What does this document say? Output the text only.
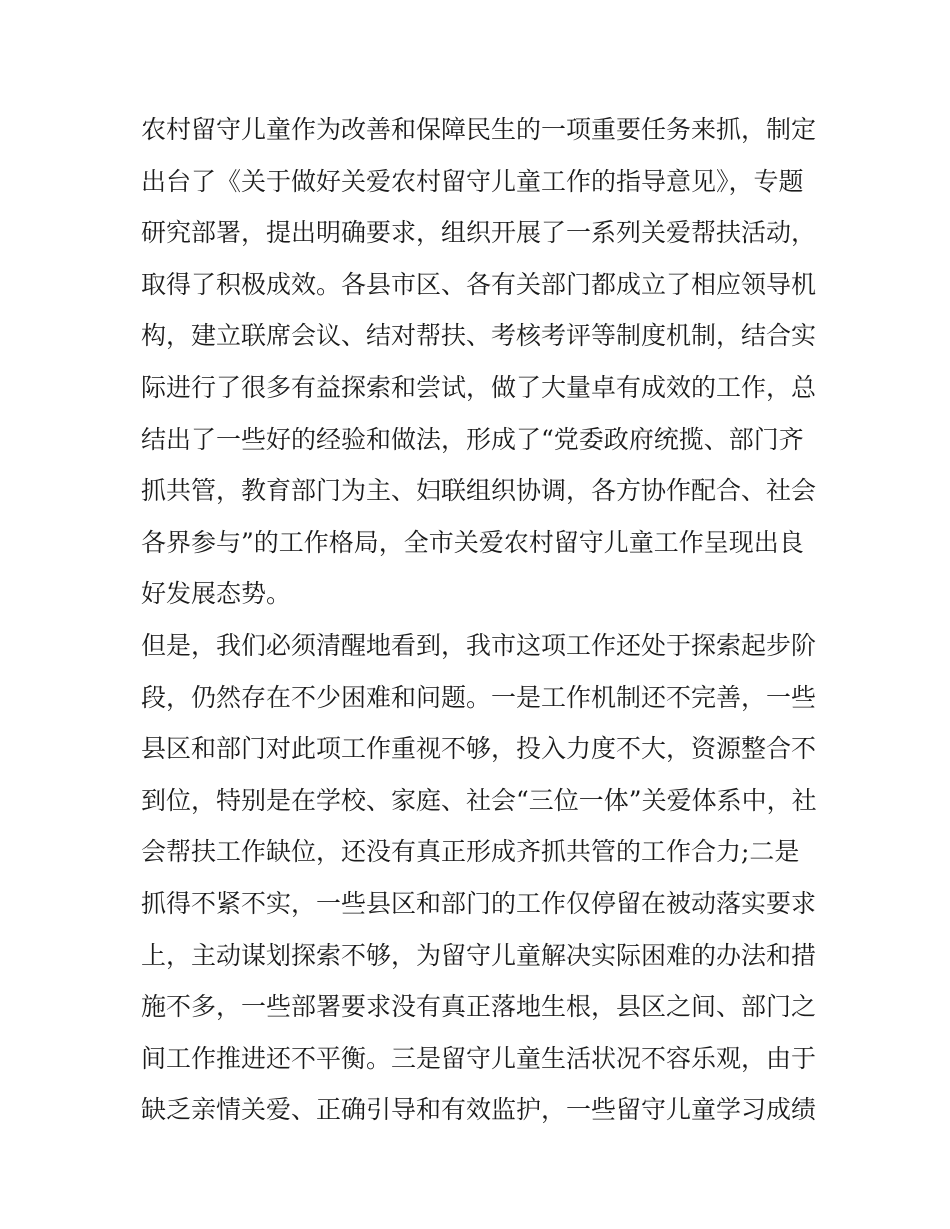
农村留守儿童作为改善和保障民生的一项重要任务来抓，制定
出台了《关于做好关爱农村留守儿童工作的指导意见》，专题
研究部署，提出明确要求，组织开展了一系列关爱帮扶活动，
取得了积极成效。各县市区、各有关部门都成立了相应领导机
构，建立联席会议、结对帮扶、考核考评等制度机制，结合实
际进行了很多有益探索和尝试，做了大量卓有成效的工作，总
结出了一些好的经验和做法，形成了“党委政府统揽、部门齐
抓共管，教育部门为主、妇联组织协调，各方协作配合、社会
各界参与”的工作格局，全市关爱农村留守儿童工作呈现出良
好发展态势。
但是，我们必须清醒地看到，我市这项工作还处于探索起步阶
段，仍然存在不少困难和问题。一是工作机制还不完善，一些
县区和部门对此项工作重视不够，投入力度不大，资源整合不
到位，特别是在学校、家庭、社会“三位一体”关爱体系中，社
会帮扶工作缺位，还没有真正形成齐抓共管的工作合力;二是
抓得不紧不实，一些县区和部门的工作仅停留在被动落实要求
上，主动谋划探索不够，为留守儿童解决实际困难的办法和措
施不多，一些部署要求没有真正落地生根，县区之间、部门之
间工作推进还不平衡。三是留守儿童生活状况不容乐观，由于
缺乏亲情关爱、正确引导和有效监护，一些留守儿童学习成绩
